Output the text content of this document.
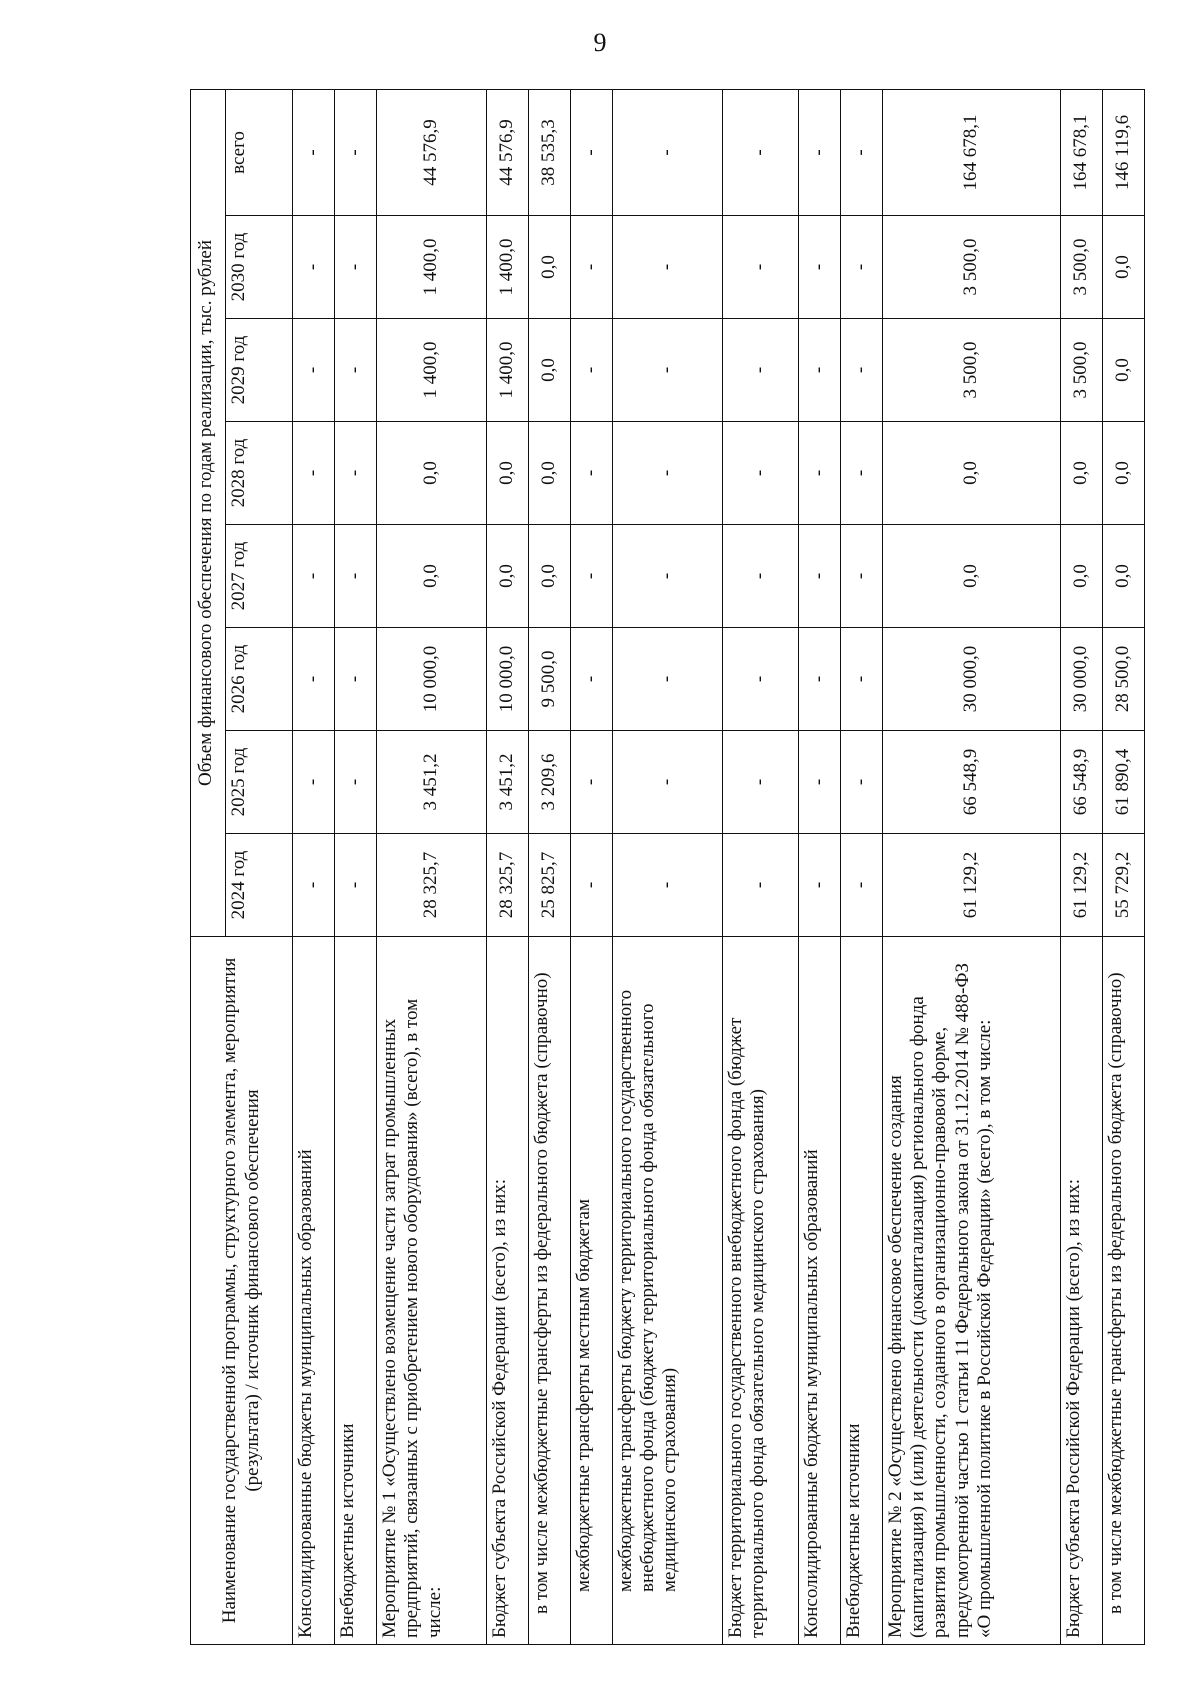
9
Наименование государственной программы, структурного элемента, мероприятия (результата) / источник финансового обеспечения	Объем финансового обеспечения по годам реализации, тыс. рублей							
	2024 год	2025 год	2026 год	2027 год	2028 год	2029 год	2030 год	всего
Консолидированные бюджеты муниципальных образований	-	-	-	-	-	-	-	-
Внебюджетные источники	-	-	-	-	-	-	-	-
Мероприятие № 1 «Осуществлено возмещение части затрат промышленных предприятий, связанных с приобретением нового оборудования» (всего), в том числе:	28 325,7	3 451,2	10 000,0	0,0	0,0	1 400,0	1 400,0	44 576,9
Бюджет субъекта Российской Федерации (всего), из них:	28 325,7	3 451,2	10 000,0	0,0	0,0	1 400,0	1 400,0	44 576,9
в том числе межбюджетные трансферты из федерального бюджета (справочно)	25 825,7	3 209,6	9 500,0	0,0	0,0	0,0	0,0	38 535,3
межбюджетные трансферты местным бюджетам	-	-	-	-	-	-	-	-
межбюджетные трансферты бюджету территориального государственного внебюджетного фонда (бюджету территориального фонда обязательного медицинского страхования)	-	-	-	-	-	-	-	-
Бюджет территориального государственного внебюджетного фонда (бюджет территориального фонда обязательного медицинского страхования)	-	-	-	-	-	-	-	-
Консолидированные бюджеты муниципальных образований	-	-	-	-	-	-	-	-
Внебюджетные источники	-	-	-	-	-	-	-	-
Мероприятие № 2 «Осуществлено финансовое обеспечение создания (капитализация) и (или) деятельности (докапитализация) регионального фонда развития промышленности, созданного в организационно-правовой форме, предусмотренной частью 1 статьи 11 Федерального закона от 31.12.2014 № 488-ФЗ «О промышленной политике в Российской Федерации» (всего), в том числе:	61 129,2	66 548,9	30 000,0	0,0	0,0	3 500,0	3 500,0	164 678,1
Бюджет субъекта Российской Федерации (всего), из них:	61 129,2	66 548,9	30 000,0	0,0	0,0	3 500,0	3 500,0	164 678,1
в том числе межбюджетные трансферты из федерального бюджета (справочно)	55 729,2	61 890,4	28 500,0	0,0	0,0	0,0	0,0	146 119,6
